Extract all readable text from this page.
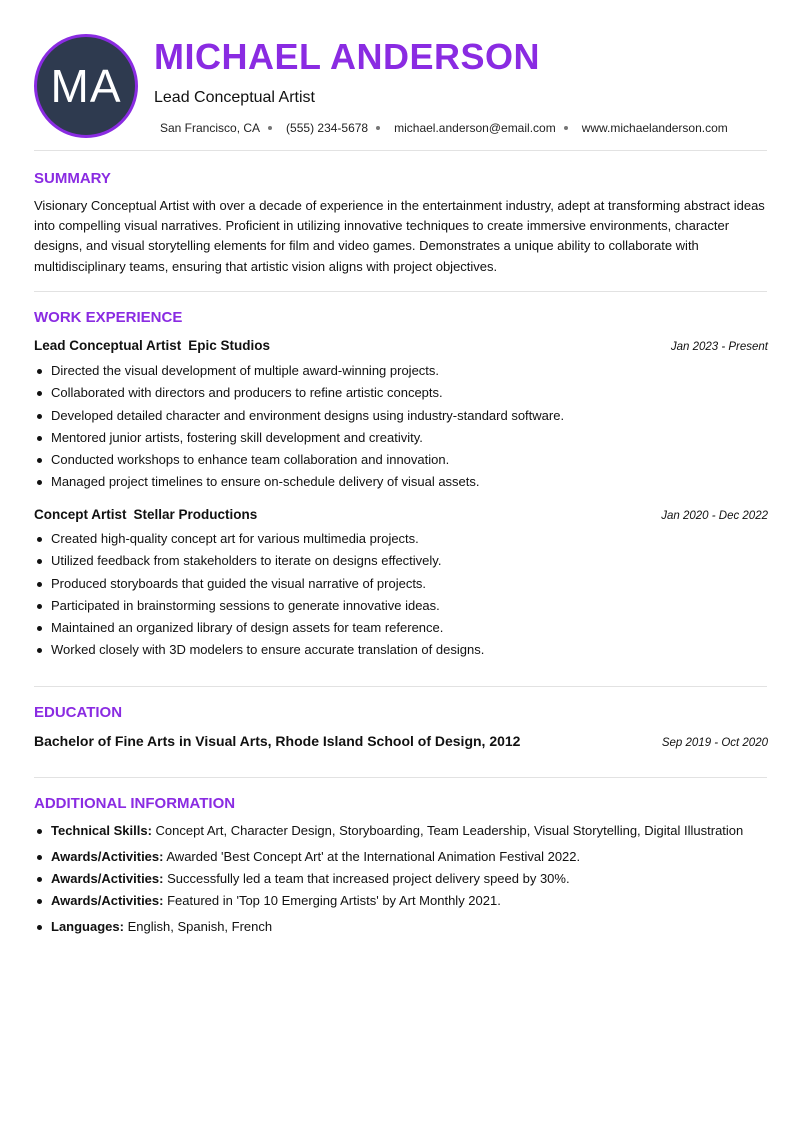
MA
MICHAEL ANDERSON
Lead Conceptual Artist
San Francisco, CA (555) 234-5678 michael.anderson@email.com www.michaelanderson.com
SUMMARY

Visionary Conceptual Artist with over a decade of experience in the entertainment industry, adept at transforming abstract ideas into compelling visual narratives. Proficient in utilizing innovative techniques to create immersive environments, character designs, and visual storytelling elements for film and video games. Demonstrates a unique ability to collaborate with multidisciplinary teams, ensuring that artistic vision aligns with project objectives.

WORK EXPERIENCE
Lead Conceptual Artist Epic Studios	Jan 2023 - Present
Directed the visual development of multiple award-winning projects.
Collaborated with directors and producers to refine artistic concepts.
Developed detailed character and environment designs using industry-standard software.
Mentored junior artists, fostering skill development and creativity.
Conducted workshops to enhance team collaboration and innovation.
Managed project timelines to ensure on-schedule delivery of visual assets.
Concept Artist Stellar Productions	Jan 2020 - Dec 2022
Created high-quality concept art for various multimedia projects.
Utilized feedback from stakeholders to iterate on designs effectively.
Produced storyboards that guided the visual narrative of projects.
Participated in brainstorming sessions to generate innovative ideas.
Maintained an organized library of design assets for team reference.
Worked closely with 3D modelers to ensure accurate translation of designs.
EDUCATION
Bachelor of Fine Arts in Visual Arts, Rhode Island School of Design, 2012	Sep 2019 - Oct 2020
ADDITIONAL INFORMATION
Technical Skills: Concept Art, Character Design, Storyboarding, Team Leadership, Visual Storytelling, Digital Illustration
Awards/Activities: Awarded 'Best Concept Art' at the International Animation Festival 2022.
Awards/Activities: Successfully led a team that increased project delivery speed by 30%.
Awards/Activities: Featured in 'Top 10 Emerging Artists' by Art Monthly 2021.
Languages: English, Spanish, French
